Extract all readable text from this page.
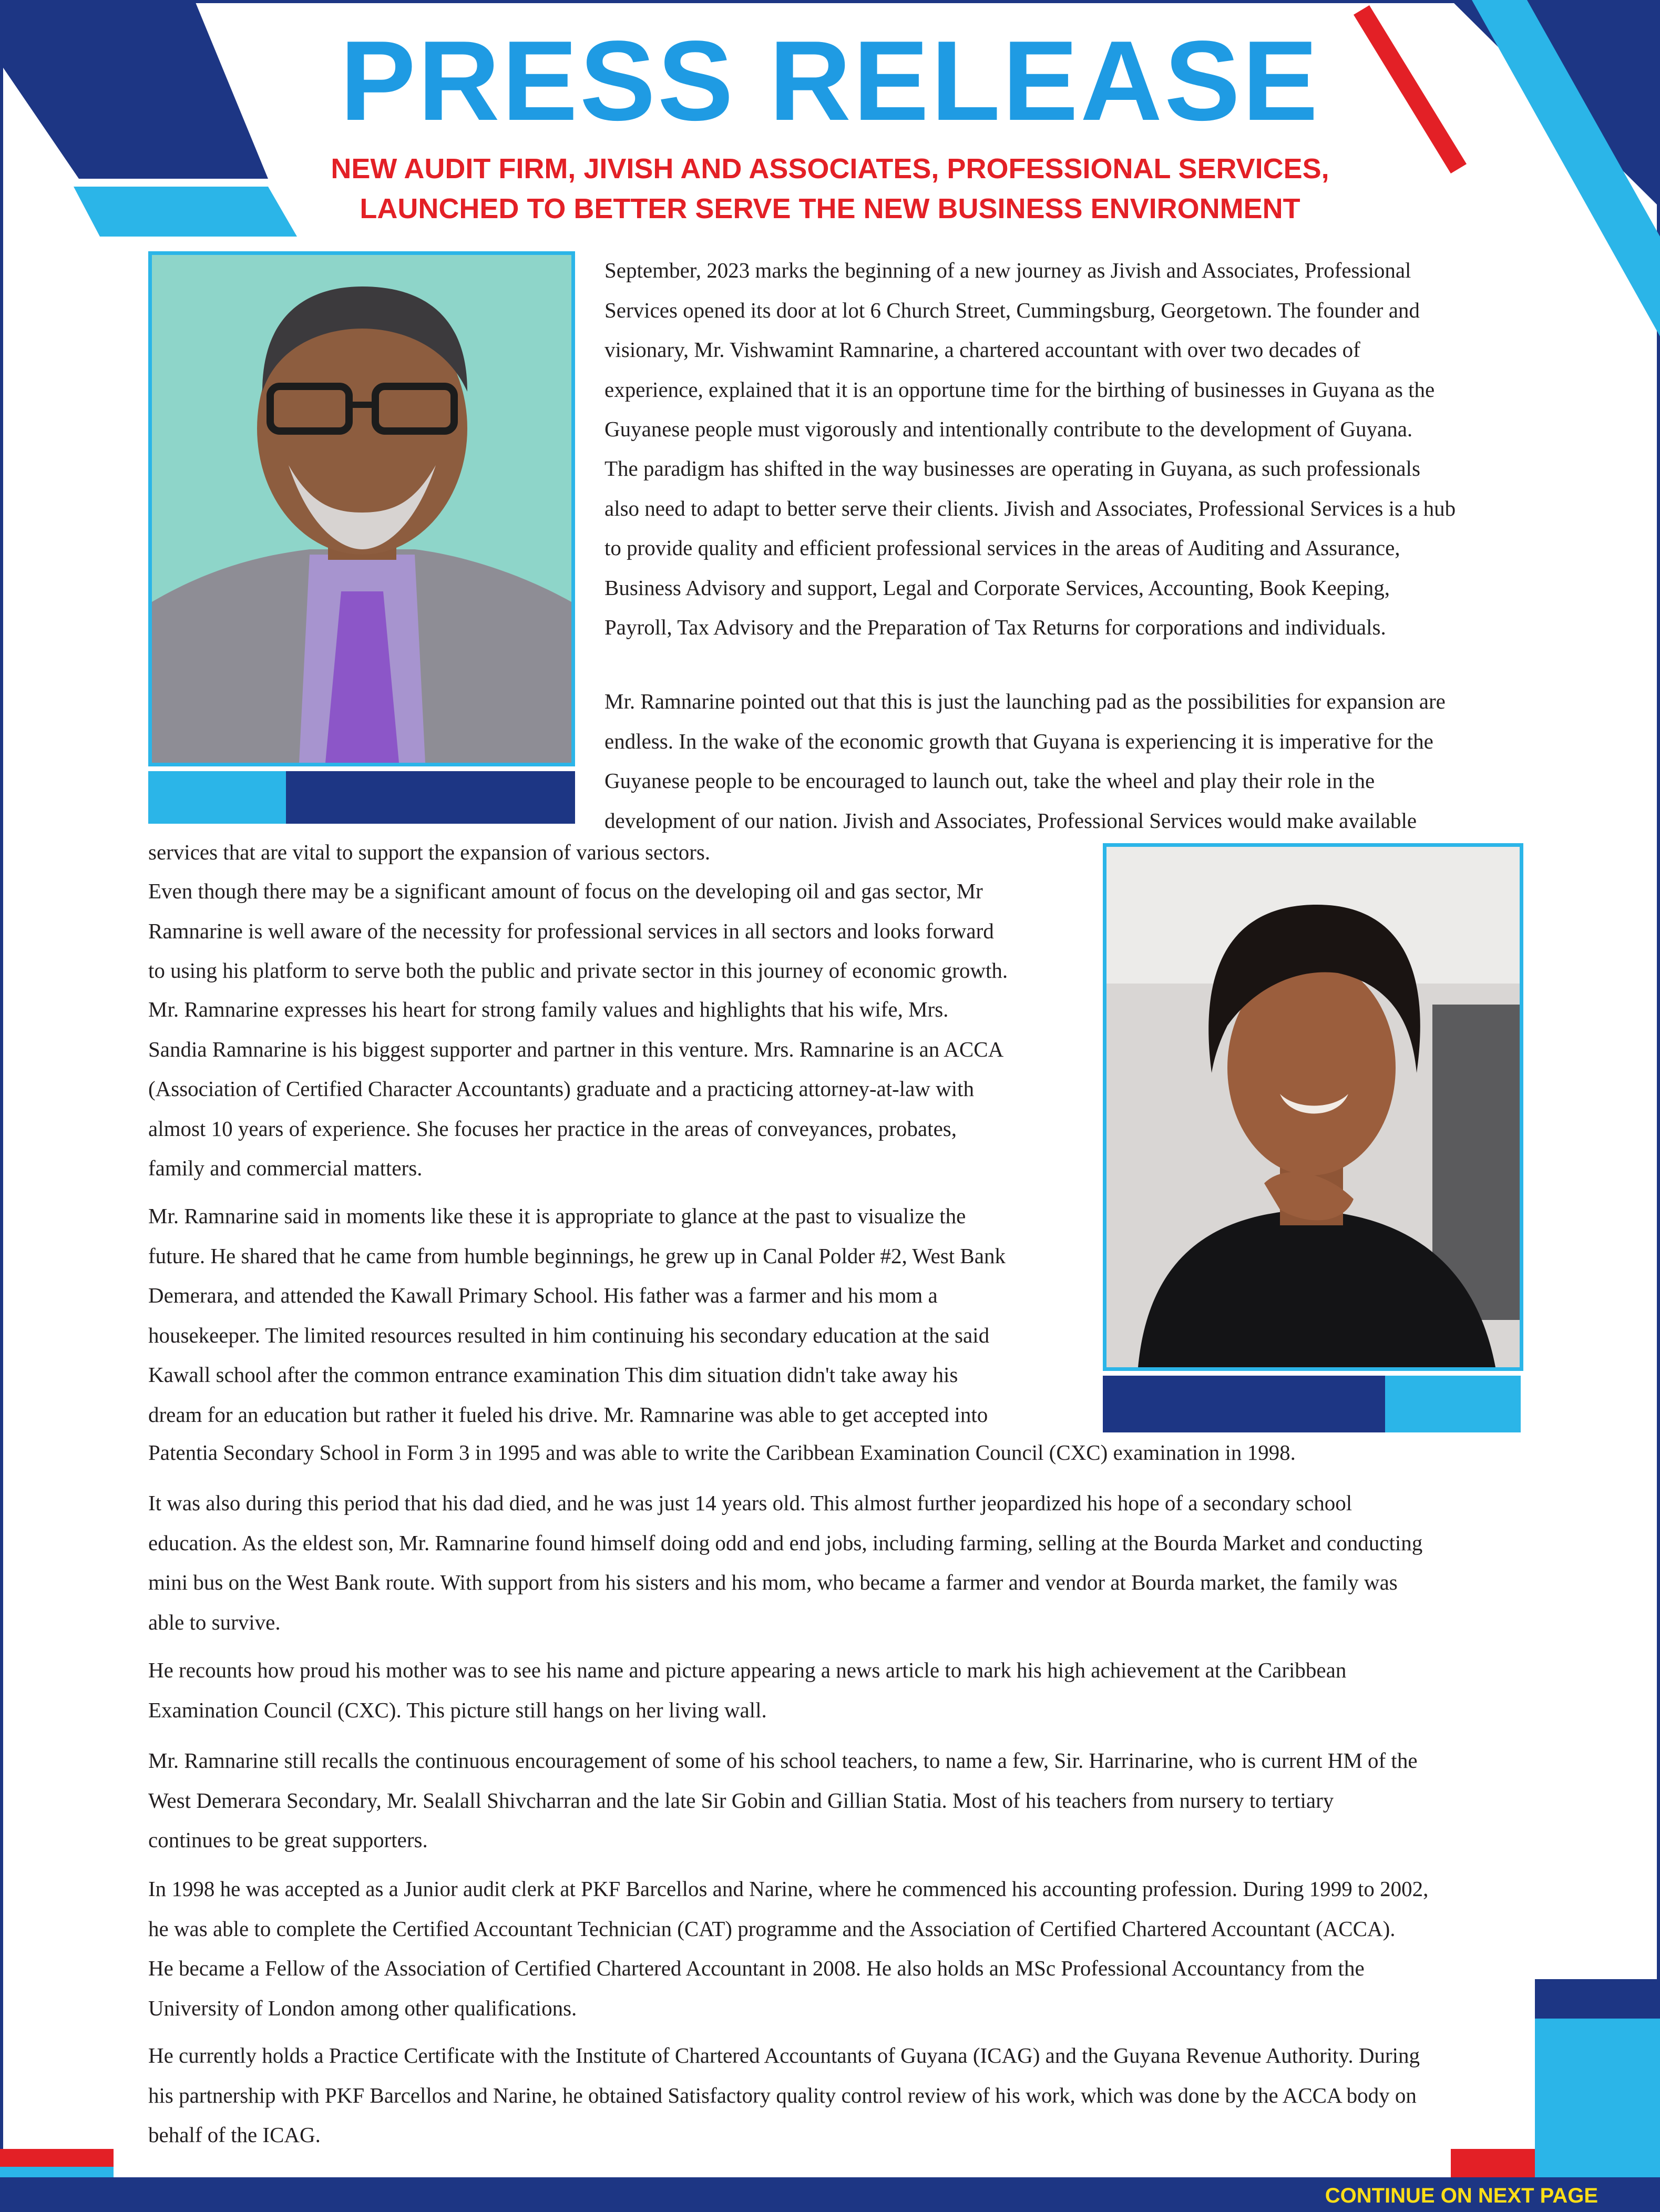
PRESS RELEASE
NEW AUDIT FIRM, JIVISH AND ASSOCIATES, PROFESSIONAL SERVICES,
LAUNCHED TO BETTER SERVE THE NEW BUSINESS ENVIRONMENT
September, 2023 marks the beginning of a new journey as Jivish and Associates, Professional
Services opened its door at lot 6 Church Street, Cummingsburg, Georgetown. The founder and
visionary, Mr. Vishwamint Ramnarine, a chartered accountant with over two decades of
experience, explained that it is an opportune time for the birthing of businesses in Guyana as the
Guyanese people must vigorously and intentionally contribute to the development of Guyana.
The paradigm has shifted in the way businesses are operating in Guyana, as such professionals
also need to adapt to better serve their clients. Jivish and Associates, Professional Services is a hub
to provide quality and efficient professional services in the areas of Auditing and Assurance,
Business Advisory and support, Legal and Corporate Services, Accounting, Book Keeping,
Payroll, Tax Advisory and the Preparation of Tax Returns for corporations and individuals.
Mr. Ramnarine pointed out that this is just the launching pad as the possibilities for expansion are
endless. In the wake of the economic growth that Guyana is experiencing it is imperative for the
Guyanese people to be encouraged to launch out, take the wheel and play their role in the
development of our nation. Jivish and Associates, Professional Services would make available
services that are vital to support the expansion of various sectors.
Even though there may be a significant amount of focus on the developing oil and gas sector, Mr
Ramnarine is well aware of the necessity for professional services in all sectors and looks forward
to using his platform to serve both the public and private sector in this journey of economic growth.
Mr. Ramnarine expresses his heart for strong family values and highlights that his wife, Mrs.
Sandia Ramnarine is his biggest supporter and partner in this venture. Mrs. Ramnarine is an ACCA
(Association of Certified Character Accountants) graduate and a practicing attorney-at-law with
almost 10 years of experience. She focuses her practice in the areas of conveyances, probates,
family and commercial matters.
Mr. Ramnarine said in moments like these it is appropriate to glance at the past to visualize the
future. He shared that he came from humble beginnings, he grew up in Canal Polder #2, West Bank
Demerara, and attended the Kawall Primary School. His father was a farmer and his mom a
housekeeper. The limited resources resulted in him continuing his secondary education at the said
Kawall school after the common entrance examination This dim situation didn't take away his
dream for an education but rather it fueled his drive. Mr. Ramnarine was able to get accepted into
Patentia Secondary School in Form 3 in 1995 and was able to write the Caribbean Examination Council (CXC) examination in 1998.
It was also during this period that his dad died, and he was just 14 years old. This almost further jeopardized his hope of a secondary school
education. As the eldest son, Mr. Ramnarine found himself doing odd and end jobs, including farming, selling at the Bourda Market and conducting
mini bus on the West Bank route. With support from his sisters and his mom, who became a farmer and vendor at Bourda market, the family was
able to survive.
He recounts how proud his mother was to see his name and picture appearing a news article to mark his high achievement at the Caribbean
Examination Council (CXC). This picture still hangs on her living wall.
Mr. Ramnarine still recalls the continuous encouragement of some of his school teachers, to name a few, Sir. Harrinarine, who is current HM of the
West Demerara Secondary, Mr. Sealall Shivcharran and the late Sir Gobin and Gillian Statia. Most of his teachers from nursery to tertiary
continues to be great supporters.
In 1998 he was accepted as a Junior audit clerk at PKF Barcellos and Narine, where he commenced his accounting profession. During 1999 to 2002,
he was able to complete the Certified Accountant Technician (CAT) programme and the Association of Certified Chartered Accountant (ACCA).
He became a Fellow of the Association of Certified Chartered Accountant in 2008. He also holds an MSc Professional Accountancy from the
University of London among other qualifications.
He currently holds a Practice Certificate with the Institute of Chartered Accountants of Guyana (ICAG) and the Guyana Revenue Authority. During
his partnership with PKF Barcellos and Narine, he obtained Satisfactory quality control review of his work, which was done by the ACCA body on
behalf of the ICAG.
CONTINUE ON NEXT PAGE
